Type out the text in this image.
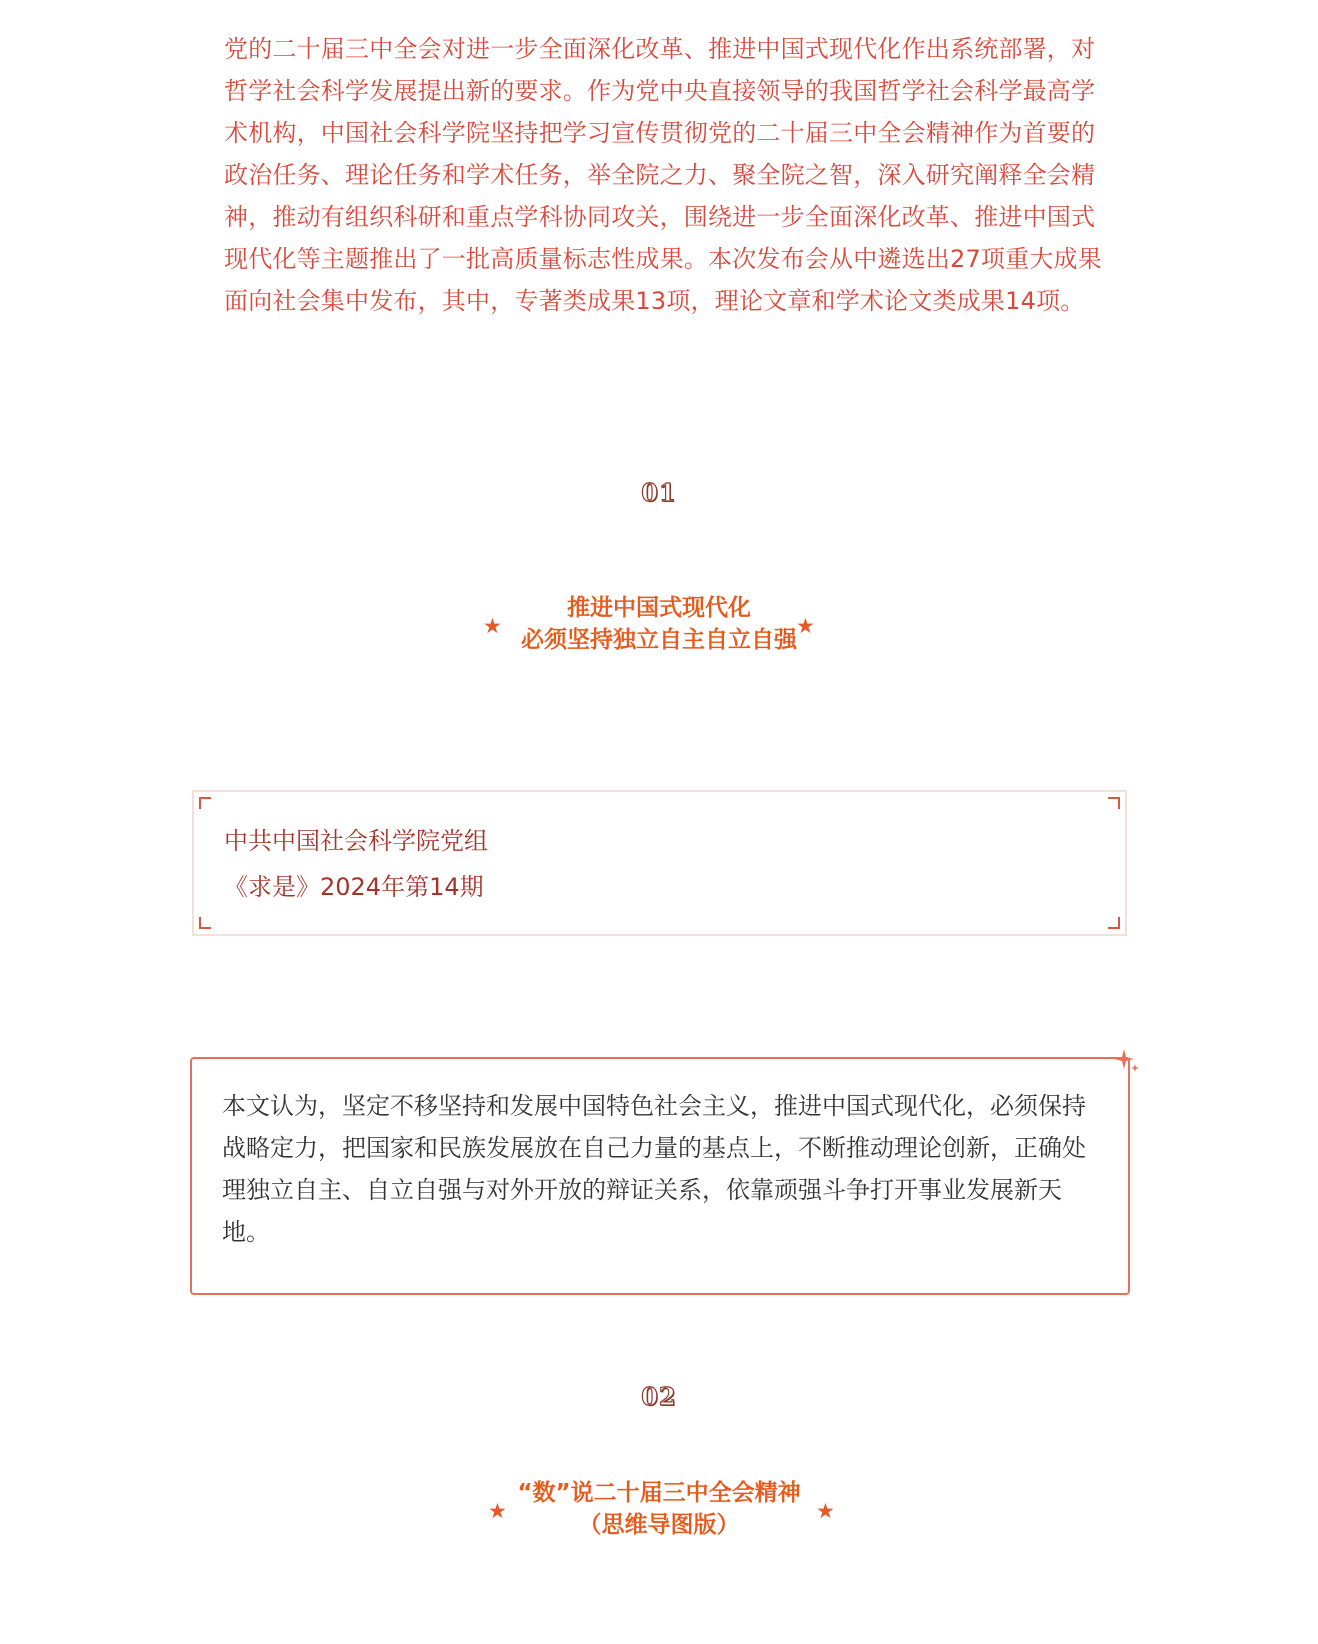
党的二十届三中全会对进一步全面深化改革、推进中国式现代化作出系统部署，对哲学社会科学发展提出新的要求。作为党中央直接领导的我国哲学社会科学最高学术机构，中国社会科学院坚持把学习宣传贯彻党的二十届三中全会精神作为首要的政治任务、理论任务和学术任务，举全院之力、聚全院之智，深入研究阐释全会精神，推动有组织科研和重点学科协同攻关，围绕进一步全面深化改革、推进中国式现代化等主题推出了一批高质量标志性成果。本次发布会从中遴选出27项重大成果面向社会集中发布，其中，专著类成果13项，理论文章和学术论文类成果14项。

01
★
推进中国式现代化
必须坚持独立自主自立自强
★
中共中国社会科学院党组
《求是》2024年第14期

本文认为，坚定不移坚持和发展中国特色社会主义，推进中国式现代化，必须保持战略定力，把国家和民族发展放在自己力量的基点上，不断推动理论创新，正确处理独立自主、自立自强与对外开放的辩证关系，依靠顽强斗争打开事业发展新天地。

02
★
“数”说二十届三中全会精神
（思维导图版）
★
